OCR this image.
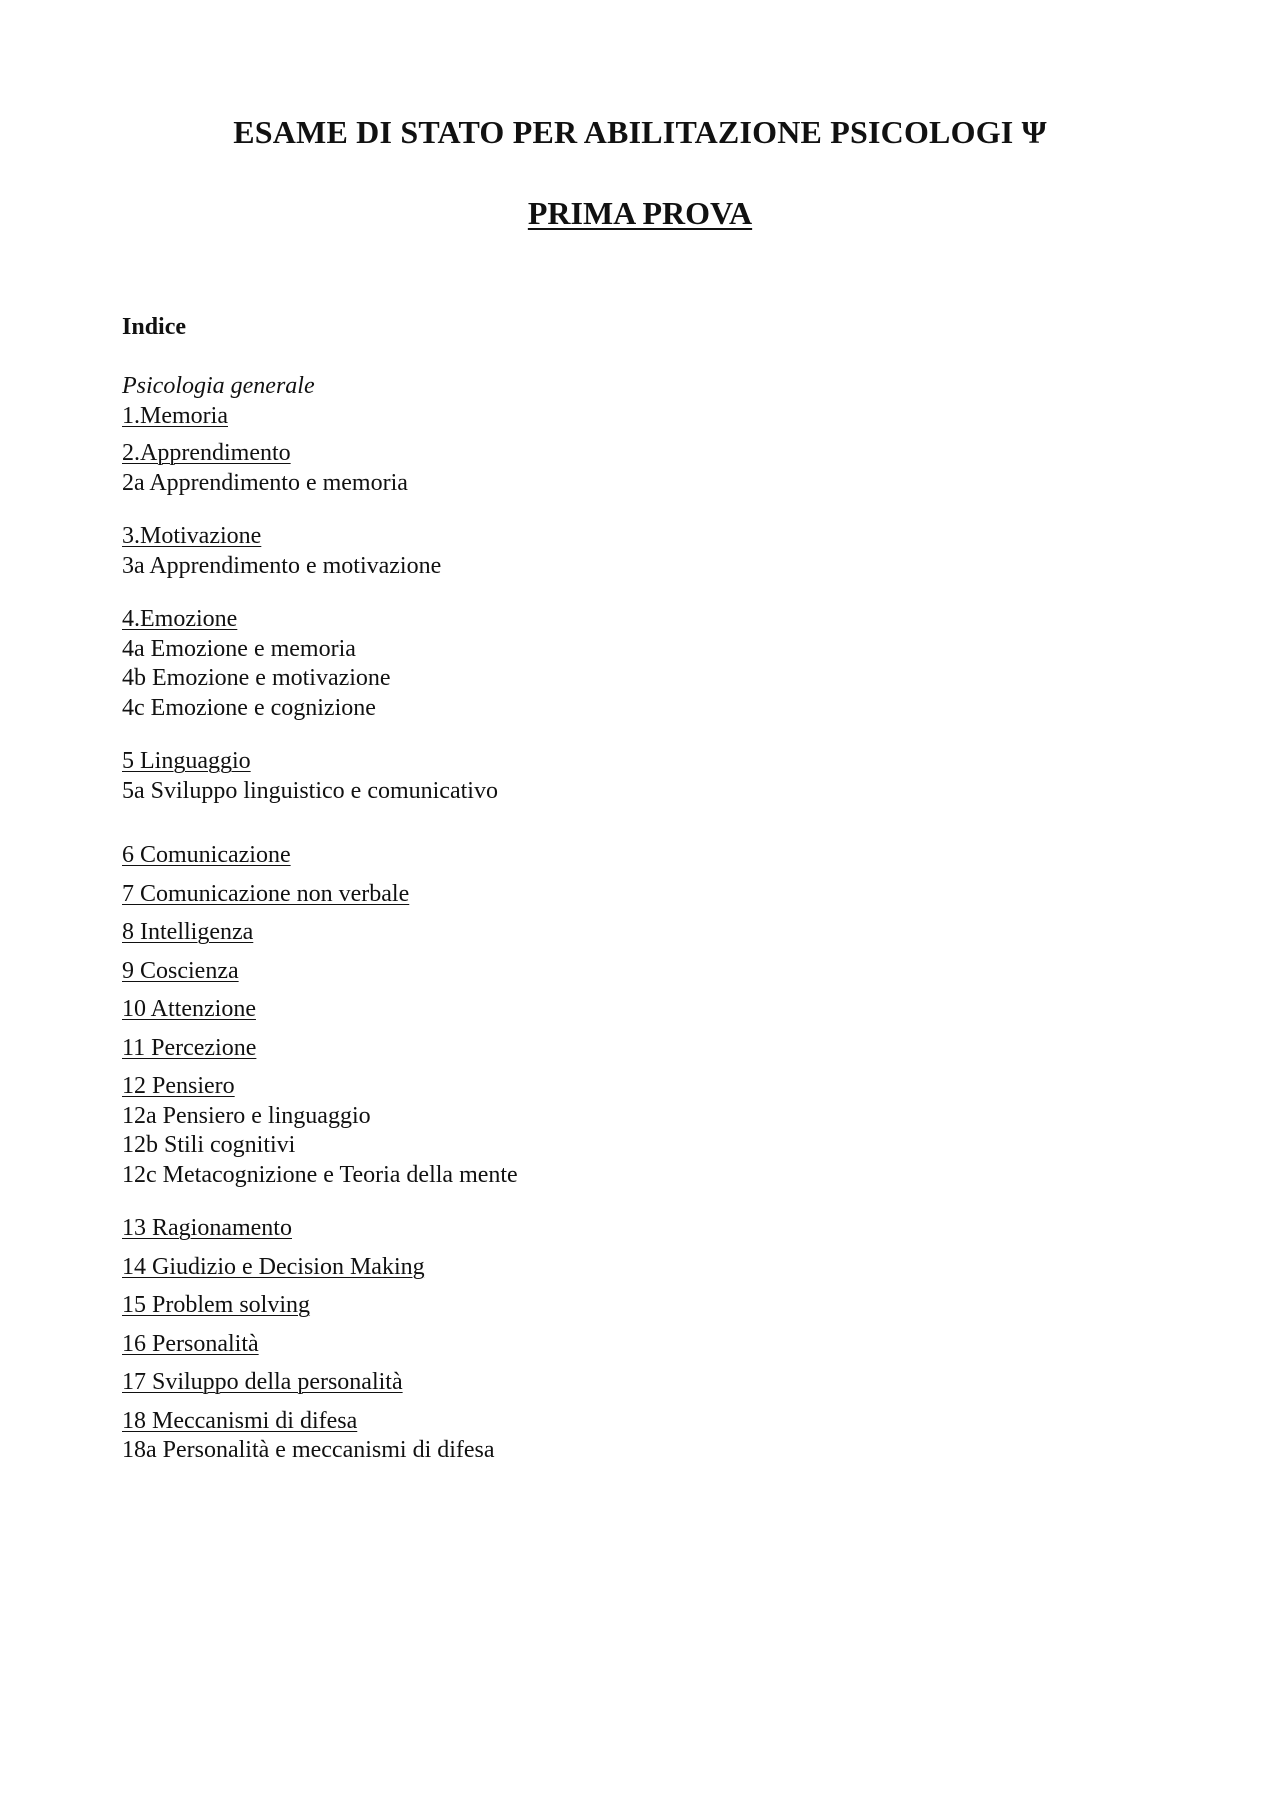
ESAME DI STATO PER ABILITAZIONE PSICOLOGI Ψ
PRIMA PROVA
Indice
Psicologia generale
1.Memoria
2.Apprendimento
2a Apprendimento e memoria
3.Motivazione
3a Apprendimento e motivazione
4.Emozione
4a Emozione e memoria
4b Emozione e motivazione
4c Emozione e cognizione
5 Linguaggio
5a Sviluppo linguistico e comunicativo
6 Comunicazione
7 Comunicazione non verbale
8 Intelligenza
9 Coscienza
10 Attenzione
11 Percezione
12 Pensiero
12a Pensiero e linguaggio
12b Stili cognitivi
12c Metacognizione e Teoria della mente
13 Ragionamento
14 Giudizio e Decision Making
15 Problem solving
16 Personalità
17 Sviluppo della personalità
18 Meccanismi di difesa
18a Personalità e meccanismi di difesa
